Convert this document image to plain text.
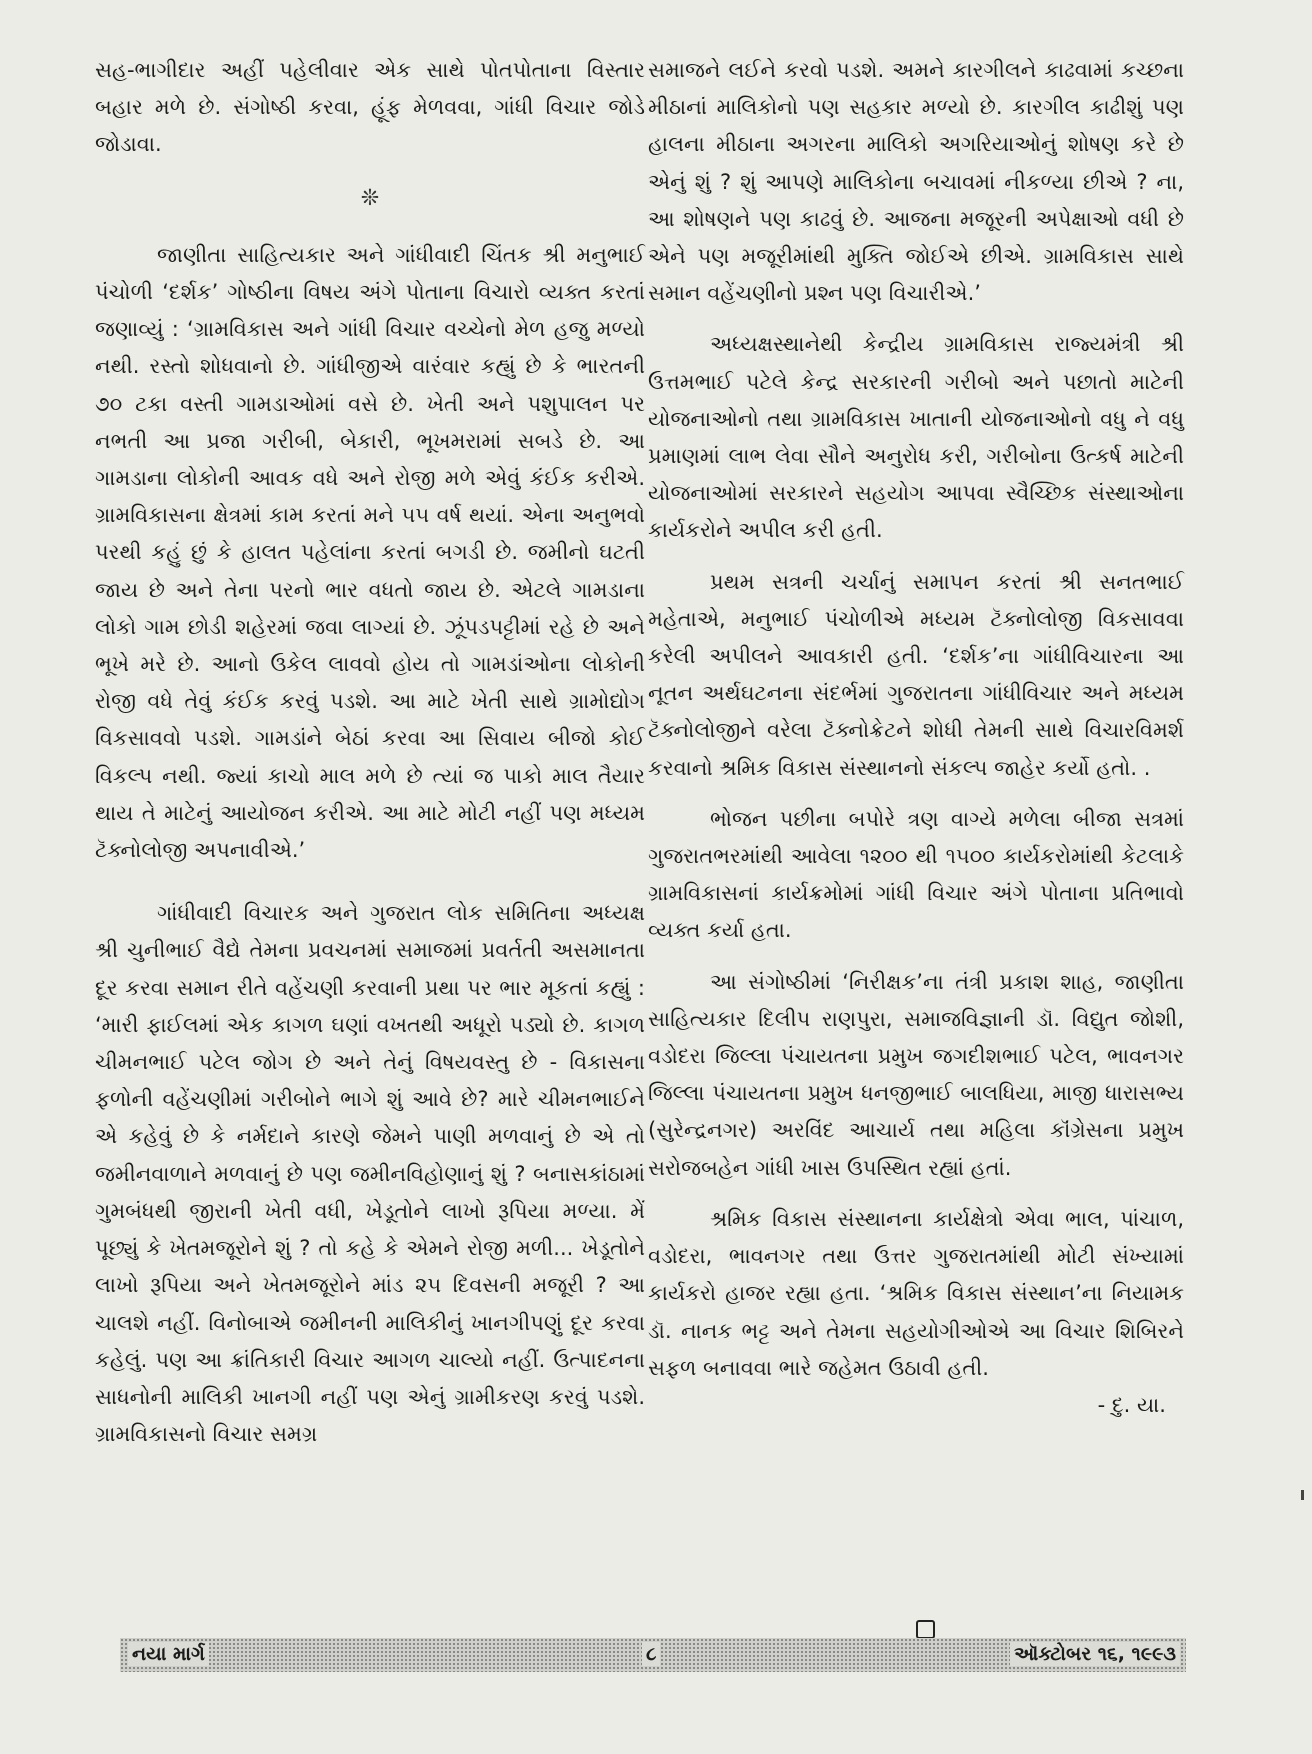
સહ-ભાગીદાર અહીં પહેલીવાર એક સાથે પોતપોતાના વિસ્તાર બહાર મળે છે. સંગોષ્ઠી કરવા, હૂંફ મેળવવા, ગાંધી વિચાર જોડે જોડાવા.

❊

જાણીતા સાહિત્યકાર અને ગાંધીવાદી ચિંતક શ્રી મનુભાઈ પંચોળી ‘દર્શક’ ગોષ્ઠીના વિષય અંગે પોતાના વિચારો વ્યક્ત કરતાં જણાવ્યું : ‘ગ્રામવિકાસ અને ગાંધી વિચાર વચ્ચેનો મેળ હજુ મળ્યો નથી. રસ્તો શોધવાનો છે. ગાંધીજીએ વારંવાર કહ્યું છે કે ભારતની ૭૦ ટકા વસ્તી ગામડાઓમાં વસે છે. ખેતી અને પશુપાલન પર નભતી આ પ્રજા ગરીબી, બેકારી, ભૂખમરામાં સબડે છે. આ ગામડાના લોકોની આવક વધે અને રોજી મળે એવું કંઈક કરીએ. ગ્રામવિકાસના ક્ષેત્રમાં કામ કરતાં મને ૫૫ વર્ષ થયાં. એના અનુભવો પરથી કહું છું કે હાલત પહેલાંના કરતાં બગડી છે. જમીનો ઘટતી જાય છે અને તેના પરનો ભાર વધતો જાય છે. એટલે ગામડાના લોકો ગામ છોડી શહેરમાં જવા લાગ્યાં છે. ઝૂંપડપટ્ટીમાં રહે છે અને ભૂખે મરે છે. આનો ઉકેલ લાવવો હોય તો ગામડાંઓના લોકોની રોજી વધે તેવું કંઈક કરવું પડશે. આ માટે ખેતી સાથે ગ્રામોદ્યોગ વિકસાવવો પડશે. ગામડાંને બેઠાં કરવા આ સિવાય બીજો કોઈ વિકલ્પ નથી. જ્યાં કાચો માલ મળે છે ત્યાં જ પાકો માલ તૈયાર થાય તે માટેનું આયોજન કરીએ. આ માટે મોટી નહીં પણ મધ્યમ ટૅક્નોલોજી અપનાવીએ.’

ગાંધીવાદી વિચારક અને ગુજરાત લોક સમિતિના અધ્યક્ષ શ્રી ચુનીભાઈ વૈદ્યે તેમના પ્રવચનમાં સમાજમાં પ્રવર્તતી અસમાનતા દૂર કરવા સમાન રીતે વહેંચણી કરવાની પ્રથા પર ભાર મૂકતાં કહ્યું : ‘મારી ફાઈલમાં એક કાગળ ઘણાં વખતથી અધૂરો પડ્યો છે. કાગળ ચીમનભાઈ પટેલ જોગ છે અને તેનું વિષયવસ્તુ છે - વિકાસના ફળોની વહેંચણીમાં ગરીબોને ભાગે શું આવે છે? મારે ચીમનભાઈને એ કહેવું છે કે નર્મદાને કારણે જેમને પાણી મળવાનું છે એ તો જમીનવાળાને મળવાનું છે પણ જમીનવિહોણાનું શું ? બનાસકાંઠામાં ગુમબંધથી જીરાની ખેતી વધી, ખેડૂતોને લાખો રૂપિયા મળ્યા. મેં પૂછ્યું કે ખેતમજૂરોને શું ? તો કહે કે એમને રોજી મળી... ખેડૂતોને લાખો રૂપિયા અને ખેતમજૂરોને માંડ ૨૫ દિવસની મજૂરી ? આ ચાલશે નહીં. વિનોબાએ જમીનની માલિકીનું ખાનગીપણું દૂર કરવા કહેલું. પણ આ ક્રાંતિકારી વિચાર આગળ ચાલ્યો નહીં. ઉત્પાદનના સાધનોની માલિકી ખાનગી નહીં પણ એનું ગ્રામીકરણ કરવું પડશે. ગ્રામવિકાસનો વિચાર સમગ્ર

સમાજને લઈને કરવો પડશે. અમને કારગીલને કાઢવામાં કચ્છના મીઠાનાં માલિકોનો પણ સહકાર મળ્યો છે. કારગીલ કાઢીશું પણ હાલના મીઠાના અગરના માલિકો અગરિયાઓનું શોષણ કરે છે એનું શું ? શું આપણે માલિકોના બચાવમાં નીકળ્યા છીએ ? ના, આ શોષણને પણ કાઢવું છે. આજના મજૂરની અપેક્ષાઓ વધી છે એને પણ મજૂરીમાંથી મુક્તિ જોઈએ છીએ. ગ્રામવિકાસ સાથે સમાન વહેંચણીનો પ્રશ્ન પણ વિચારીએ.’

અધ્યક્ષસ્થાનેથી કેન્દ્રીય ગ્રામવિકાસ રાજ્યમંત્રી શ્રી ઉત્તમભાઈ પટેલે કેન્દ્ર સરકારની ગરીબો અને પછાતો માટેની યોજનાઓનો તથા ગ્રામવિકાસ ખાતાની યોજનાઓનો વધુ ને વધુ પ્રમાણમાં લાભ લેવા સૌને અનુરોધ કરી, ગરીબોના ઉત્કર્ષ માટેની યોજનાઓમાં સરકારને સહયોગ આપવા સ્વૈચ્છિક સંસ્થાઓના કાર્યકરોને અપીલ કરી હતી.

પ્રથમ સત્રની ચર્ચાનું સમાપન કરતાં શ્રી સનતભાઈ મહેતાએ, મનુભાઈ પંચોળીએ મધ્યમ ટૅક્નોલોજી વિકસાવવા કરેલી અપીલને આવકારી હતી. ‘દર્શક’ના ગાંધીવિચારના આ નૂતન અર્થઘટનના સંદર્ભમાં ગુજરાતના ગાંધીવિચાર અને મધ્યમ ટૅક્નોલોજીને વરેલા ટૅક્નોક્રેટને શોધી તેમની સાથે વિચારવિમર્શ કરવાનો શ્રમિક વિકાસ સંસ્થાનનો સંકલ્પ જાહેર કર્યો હતો. .

ભોજન પછીના બપોરે ત્રણ વાગ્યે મળેલા બીજા સત્રમાં ગુજરાતભરમાંથી આવેલા ૧૨૦૦ થી ૧૫૦૦ કાર્યકરોમાંથી કેટલાકે ગ્રામવિકાસનાં કાર્યક્રમોમાં ગાંધી વિચાર અંગે પોતાના પ્રતિભાવો વ્યક્ત કર્યા હતા.

આ સંગોષ્ઠીમાં ‘નિરીક્ષક’ના તંત્રી પ્રકાશ શાહ, જાણીતા સાહિત્યકાર દિલીપ રાણપુરા, સમાજવિજ્ઞાની ડૉ. વિદ્યુત જોશી, વડોદરા જિલ્લા પંચાયતના પ્રમુખ જગદીશભાઈ પટેલ, ભાવનગર જિલ્લા પંચાયતના પ્રમુખ ધનજીભાઈ બાલધિયા, માજી ધારાસભ્ય (સુરેન્દ્રનગર) અરવિંદ આચાર્ય તથા મહિલા કૉંગ્રેસના પ્રમુખ સરોજબહેન ગાંધી ખાસ ઉપસ્થિત રહ્યાં હતાં.

શ્રમિક વિકાસ સંસ્થાનના કાર્યક્ષેત્રો એવા ભાલ, પાંચાળ, વડોદરા, ભાવનગર તથા ઉત્તર ગુજરાતમાંથી મોટી સંખ્યામાં કાર્યકરો હાજર રહ્યા હતા. ‘શ્રમિક વિકાસ સંસ્થાન’ના નિયામક ડૉ. નાનક ભટ્ટ અને તેમના સહયોગીઓએ આ વિચાર શિબિરને સફળ બનાવવા ભારે જહેમત ઉઠાવી હતી.

- દુ. યા.

નયા માર્ગ	૮	ઑક્ટોબર ૧૬, ૧૯૯૩
